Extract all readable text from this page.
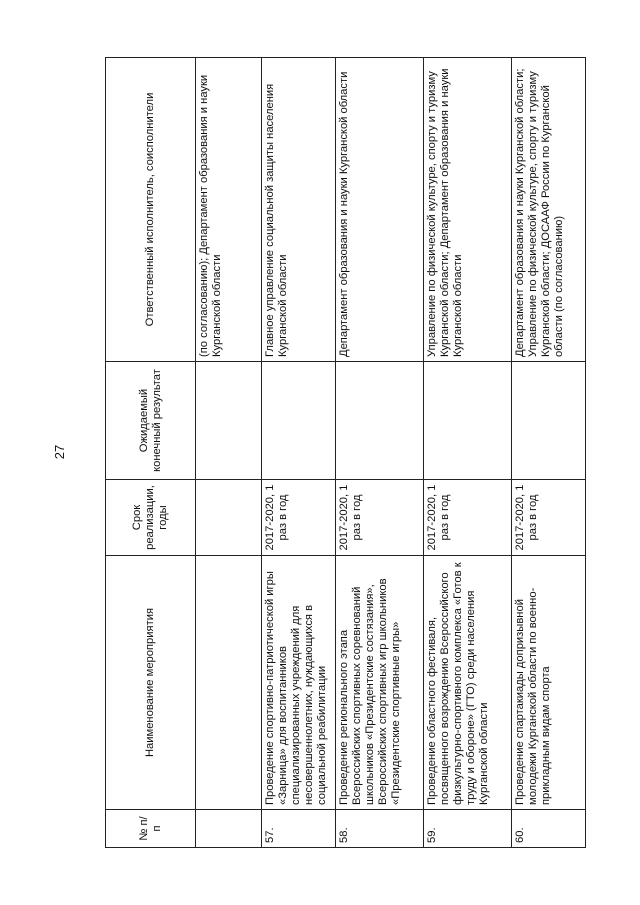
27
№ п/п	Наименование мероприятия	Срок реализации, годы	Ожидаемый конечный результат	Ответственный исполнитель, соисполнители
				(по согласованию); Департамент образования и науки Курганской области
57.	Проведение спортивно-патриотической игры «Зарница» для воспитанников специализированных учреждений для несовершеннолетних, нуждающихся в социальной реабилитации	2017-2020, 1 раз в год		Главное управление социальной защиты населения Курганской области
58.	Проведение регионального этапа Всероссийских спортивных соревнований школьников «Президентские состязания», Всероссийских спортивных игр школьников «Президентские спортивные игры»	2017-2020, 1 раз в год		Департамент образования и науки Курганской области
59.	Проведение областного фестиваля, посвященного возрождению Всероссийского физкультурно-спортивного комплекса «Готов к труду и обороне» (ГТО) среди населения Курганской области	2017-2020, 1 раз в год		Управление по физической культуре, спорту и туризму Курганской области; Департамент образования и науки Курганской области
60.	Проведение спартакиады допризывной молодежи Курганской области по военно-прикладным видам спорта	2017-2020, 1 раз в год		Департамент образования и науки Курганской области; Управление по физической культуре, спорту и туризму Курганской области; ДОСААФ России по Курганской области (по согласованию)
